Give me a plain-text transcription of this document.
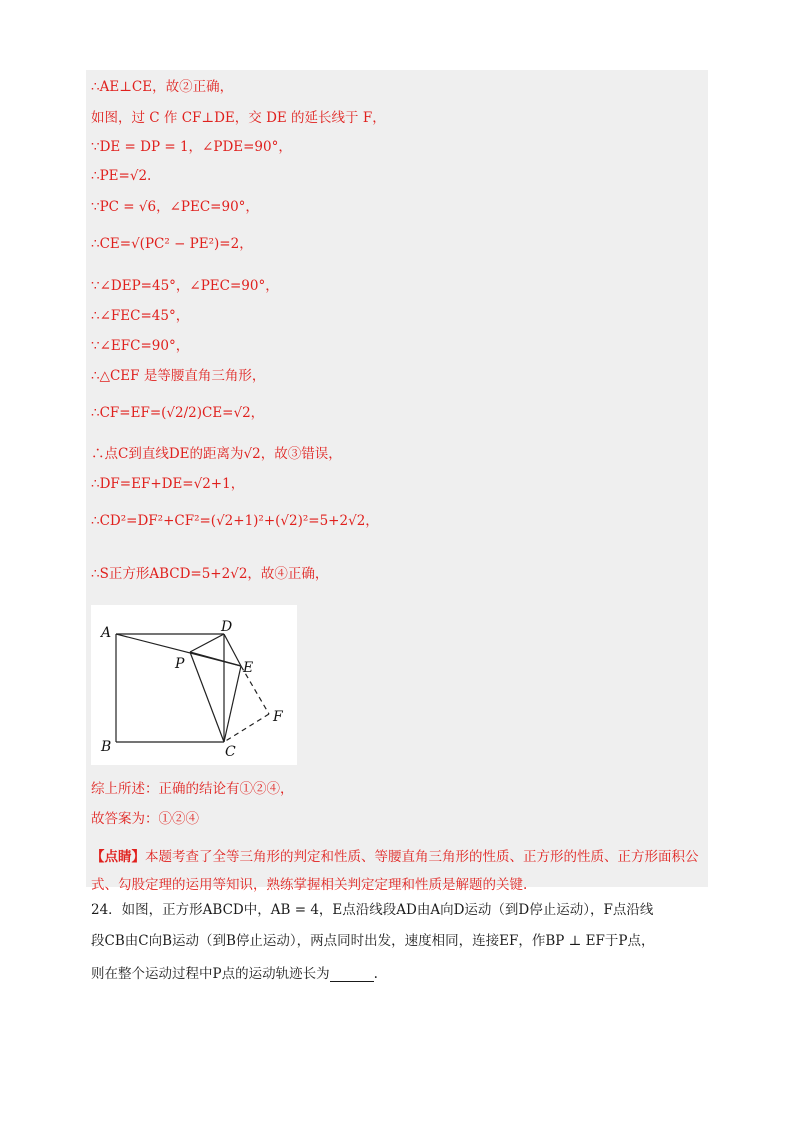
∴AE⊥CE，故②正确，
如图，过 C 作 CF⊥DE，交 DE 的延长线于 F，
∵DE = DP = 1，∠PDE=90°，
∴PE=√2.
∵PC = √6，∠PEC=90°，
∴CE=√(PC² − PE²)=2，
∵∠DEP=45°，∠PEC=90°，
∴∠FEC=45°，
∵∠EFC=90°，
∴△CEF 是等腰直角三角形，
∴CF=EF=(√2/2)CE=√2，
∴点C到直线DE的距离为√2，故③错误，
∴DF=EF+DE=√2+1，
∴CD²=DF²+CF²=(√2+1)²+(√2)²=5+2√2，
∴S正方形ABCD=5+2√2，故④正确，
A	D
P	E
F
B	C
综上所述：正确的结论有①②④，
故答案为：①②④
【点睛】本题考查了全等三角形的判定和性质、等腰直角三角形的性质、正方形的性质、正方形面积公式、勾股定理的运用等知识，熟练掌握相关判定定理和性质是解题的关键.
24．如图，正方形ABCD中，AB = 4，E点沿线段AD由A向D运动（到D停止运动），F点沿线
段CB由C向B运动（到B停止运动），两点同时出发，速度相同，连接EF，作BP ⊥ EF于P点，
则在整个运动过程中P点的运动轨迹长为	.
